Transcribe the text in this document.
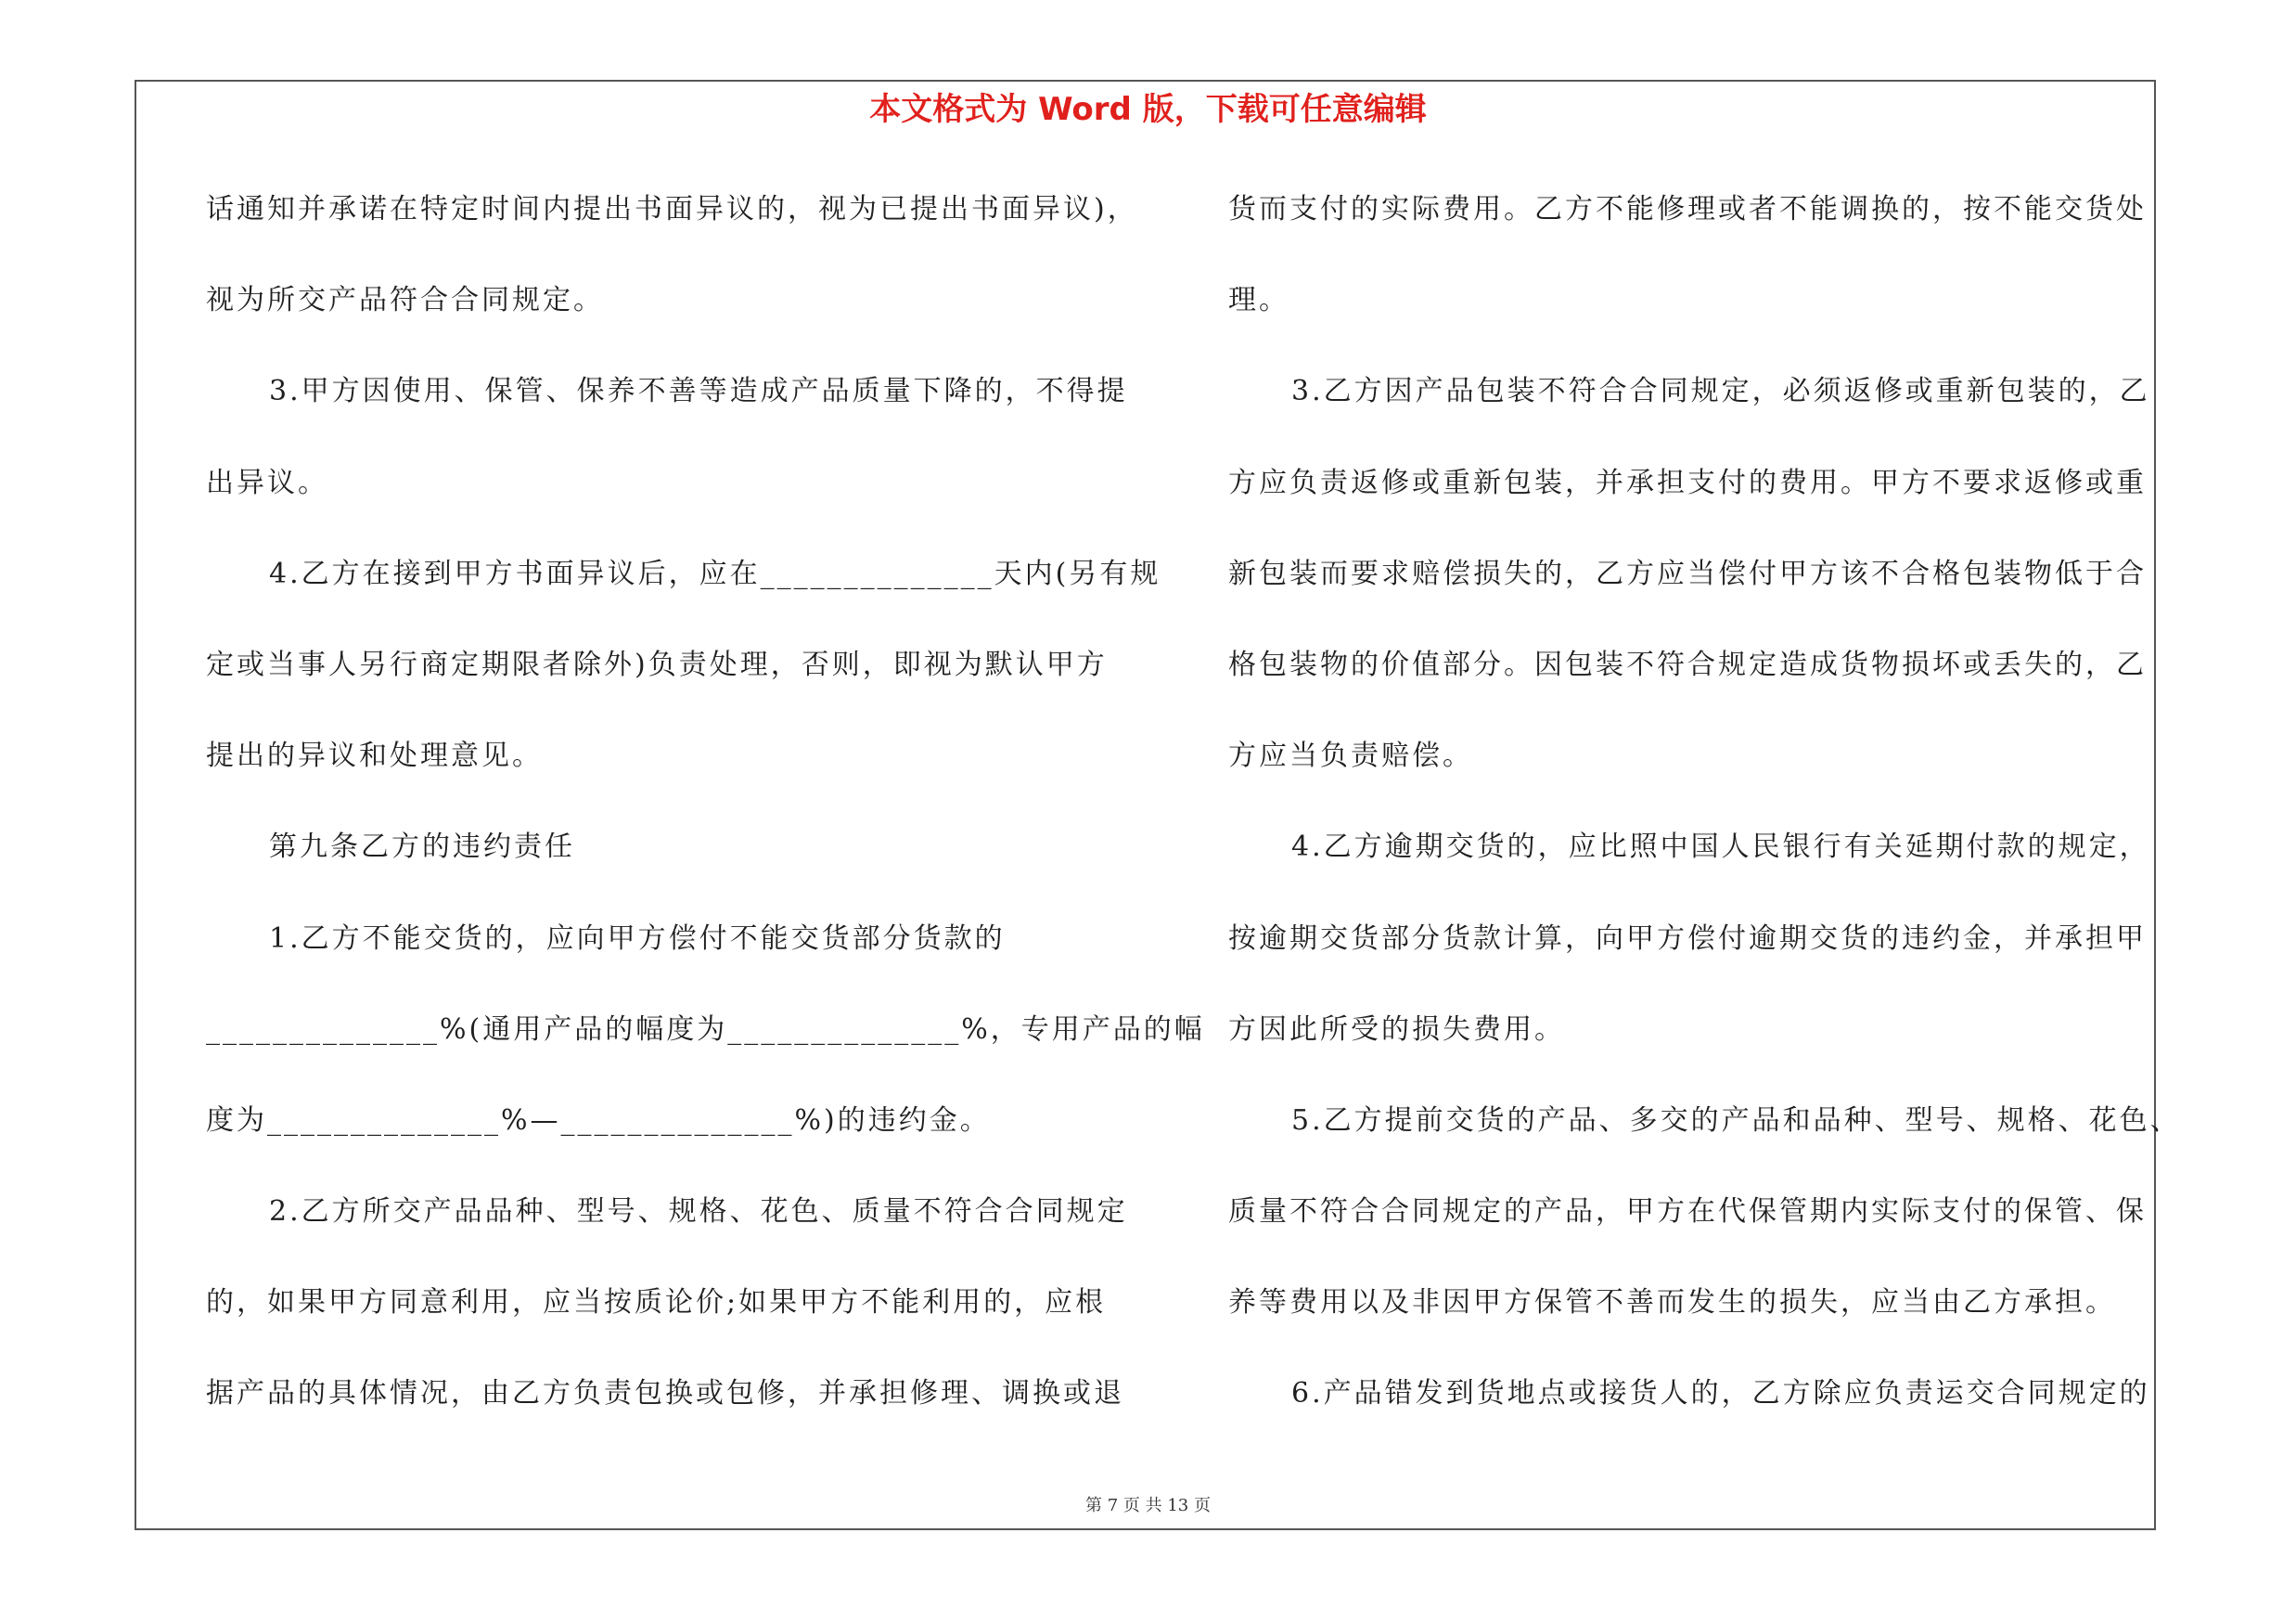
本文格式为 Word 版，下载可任意编辑
话通知并承诺在特定时间内提出书面异议的，视为已提出书面异议)，
视为所交产品符合合同规定。
3.甲方因使用、保管、保养不善等造成产品质量下降的，不得提
出异议。
4.乙方在接到甲方书面异议后，应在______________天内(另有规
定或当事人另行商定期限者除外)负责处理，否则，即视为默认甲方
提出的异议和处理意见。
第九条乙方的违约责任
1.乙方不能交货的，应向甲方偿付不能交货部分货款的
______________%(通用产品的幅度为______________%，专用产品的幅
度为______________%—______________%)的违约金。
2.乙方所交产品品种、型号、规格、花色、质量不符合合同规定
的，如果甲方同意利用，应当按质论价;如果甲方不能利用的，应根
据产品的具体情况，由乙方负责包换或包修，并承担修理、调换或退
货而支付的实际费用。乙方不能修理或者不能调换的，按不能交货处
理。
3.乙方因产品包装不符合合同规定，必须返修或重新包装的，乙
方应负责返修或重新包装，并承担支付的费用。甲方不要求返修或重
新包装而要求赔偿损失的，乙方应当偿付甲方该不合格包装物低于合
格包装物的价值部分。因包装不符合规定造成货物损坏或丢失的，乙
方应当负责赔偿。
4.乙方逾期交货的，应比照中国人民银行有关延期付款的规定，
按逾期交货部分货款计算，向甲方偿付逾期交货的违约金，并承担甲
方因此所受的损失费用。
5.乙方提前交货的产品、多交的产品和品种、型号、规格、花色、
质量不符合合同规定的产品，甲方在代保管期内实际支付的保管、保
养等费用以及非因甲方保管不善而发生的损失，应当由乙方承担。
6.产品错发到货地点或接货人的，乙方除应负责运交合同规定的
第 7 页 共 13 页
